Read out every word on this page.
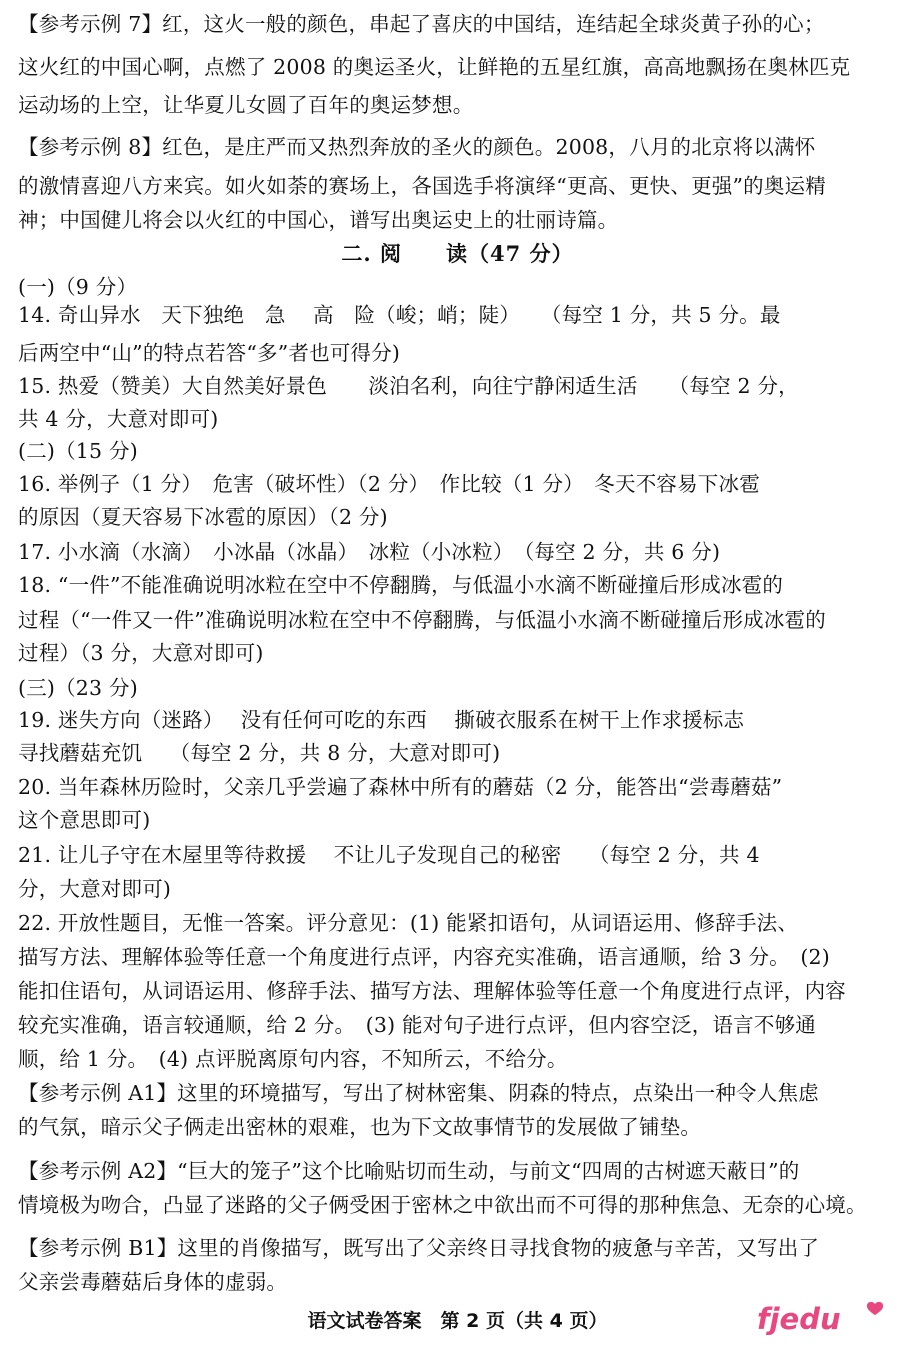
【参考示例 7】红，这火一般的颜色，串起了喜庆的中国结，连结起全球炎黄子孙的心；
这火红的中国心啊，点燃了 2008 的奥运圣火，让鲜艳的五星红旗，高高地飘扬在奥林匹克
运动场的上空，让华夏儿女圆了百年的奥运梦想。
【参考示例 8】红色，是庄严而又热烈奔放的圣火的颜色。2008，八月的北京将以满怀
的激情喜迎八方来宾。如火如荼的赛场上，各国选手将演绎“更高、更快、更强”的奥运精
神；中国健儿将会以火红的中国心，谱写出奥运史上的壮丽诗篇。
二. 阅　　读（47 分）
(一)（9 分）
14. 奇山异水　天下独绝　急　 高　险（峻；峭；陡）　　（每空 1 分，共 5 分。最
后两空中“山”的特点若答“多”者也可得分)
15. 热爱（赞美）大自然美好景色　　淡泊名利，向往宁静闲适生活　　（每空 2 分，
共 4 分，大意对即可)
(二)（15 分)
16. 举例子（1 分）　危害（破坏性）（2 分）　作比较（1 分）　冬天不容易下冰雹
的原因（夏天容易下冰雹的原因）（2 分)
17. 小水滴（水滴）　小冰晶（冰晶）　冰粒（小冰粒）　（每空 2 分，共 6 分)
18. “一件”不能准确说明冰粒在空中不停翻腾，与低温小水滴不断碰撞后形成冰雹的
过程（“一件又一件”准确说明冰粒在空中不停翻腾，与低温小水滴不断碰撞后形成冰雹的
过程）（3 分，大意对即可)
(三)（23 分)
19. 迷失方向（迷路）　 没有任何可吃的东西　 撕破衣服系在树干上作求援标志
寻找蘑菇充饥　 （每空 2 分，共 8 分，大意对即可)
20. 当年森林历险时，父亲几乎尝遍了森林中所有的蘑菇（2 分，能答出“尝毒蘑菇”
这个意思即可)
21. 让儿子守在木屋里等待救援　 不让儿子发现自己的秘密　 （每空 2 分，共 4
分，大意对即可)
22. 开放性题目，无惟一答案。评分意见：(1) 能紧扣语句，从词语运用、修辞手法、
描写方法、理解体验等任意一个角度进行点评，内容充实准确，语言通顺，给 3 分。　(2)
能扣住语句，从词语运用、修辞手法、描写方法、理解体验等任意一个角度进行点评，内容
较充实准确，语言较通顺，给 2 分。　(3) 能对句子进行点评，但内容空泛，语言不够通
顺，给 1 分。　(4) 点评脱离原句内容，不知所云，不给分。
【参考示例 A1】这里的环境描写，写出了树林密集、阴森的特点，点染出一种令人焦虑
的气氛，暗示父子俩走出密林的艰难，也为下文故事情节的发展做了铺垫。
【参考示例 A2】“巨大的笼子”这个比喻贴切而生动，与前文“四周的古树遮天蔽日”的
情境极为吻合，凸显了迷路的父子俩受困于密林之中欲出而不可得的那种焦急、无奈的心境。
【参考示例 B1】这里的肖像描写，既写出了父亲终日寻找食物的疲惫与辛苦，又写出了
父亲尝毒蘑菇后身体的虚弱。
语文试卷答案　第 2 页（共 4 页）	fjedu
